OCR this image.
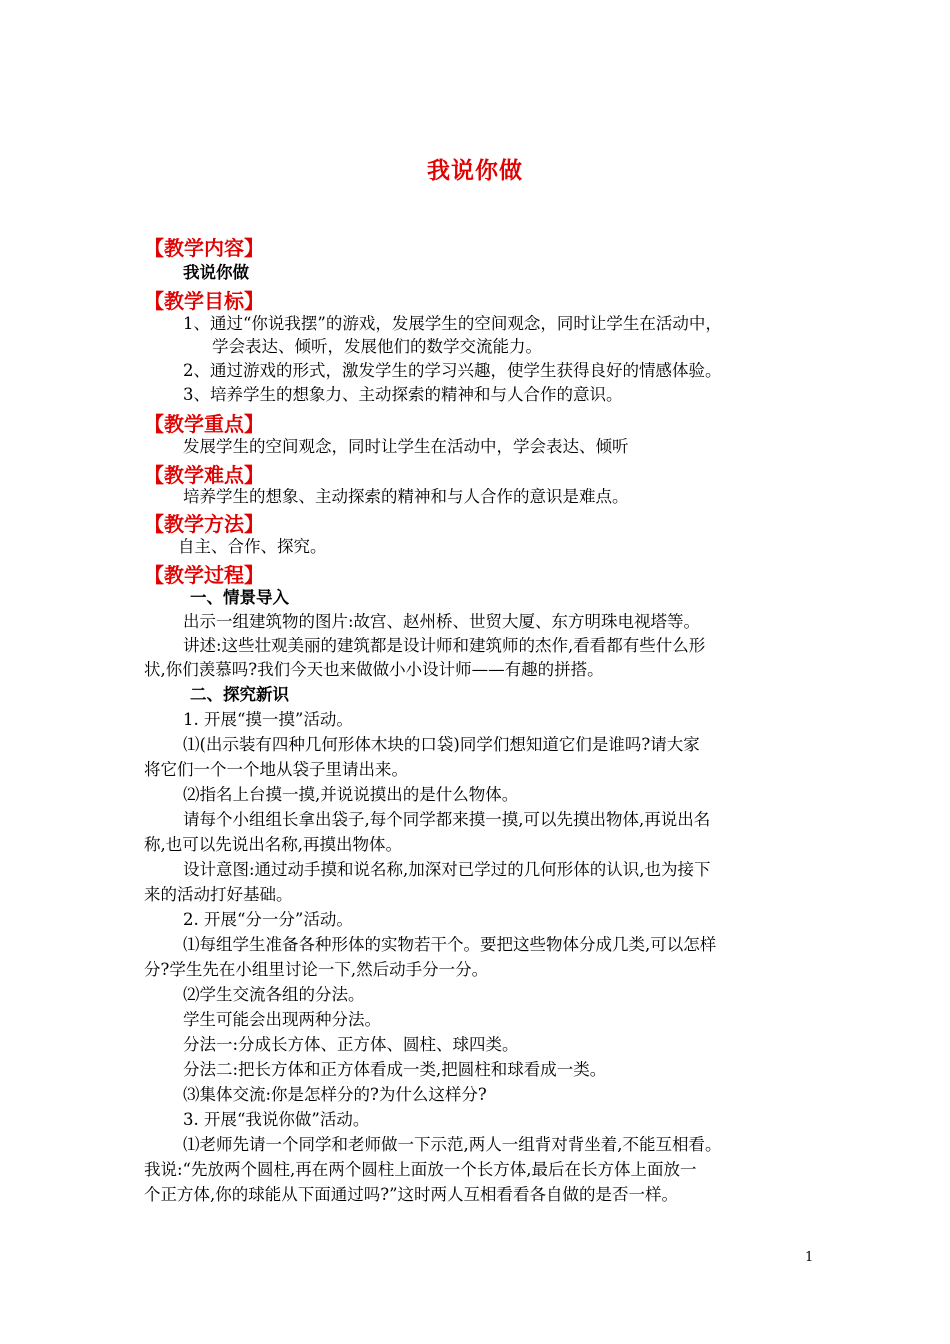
我说你做
【教学内容】
我说你做
【教学目标】
1、通过“你说我摆”的游戏，发展学生的空间观念，同时让学生在活动中，
学会表达、倾听，发展他们的数学交流能力。
2、通过游戏的形式，激发学生的学习兴趣，使学生获得良好的情感体验。
3、培养学生的想象力、主动探索的精神和与人合作的意识。
【教学重点】
发展学生的空间观念，同时让学生在活动中，学会表达、倾听
【教学难点】
培养学生的想象、主动探索的精神和与人合作的意识是难点。
【教学方法】
自主、合作、探究。
【教学过程】
一、情景导入
出示一组建筑物的图片:故宫、赵州桥、世贸大厦、东方明珠电视塔等。
讲述:这些壮观美丽的建筑都是设计师和建筑师的杰作,看看都有些什么形
状,你们羡慕吗?我们今天也来做做小小设计师——有趣的拼搭。
二、探究新识
1. 开展“摸一摸”活动。
⑴(出示装有四种几何形体木块的口袋)同学们想知道它们是谁吗?请大家
将它们一个一个地从袋子里请出来。
⑵指名上台摸一摸,并说说摸出的是什么物体。
请每个小组组长拿出袋子,每个同学都来摸一摸,可以先摸出物体,再说出名
称,也可以先说出名称,再摸出物体。
设计意图:通过动手摸和说名称,加深对已学过的几何形体的认识,也为接下
来的活动打好基础。
2. 开展“分一分”活动。
⑴每组学生准备各种形体的实物若干个。要把这些物体分成几类,可以怎样
分?学生先在小组里讨论一下,然后动手分一分。
⑵学生交流各组的分法。
学生可能会出现两种分法。
分法一:分成长方体、正方体、圆柱、球四类。
分法二:把长方体和正方体看成一类,把圆柱和球看成一类。
⑶集体交流:你是怎样分的?为什么这样分?
3. 开展“我说你做”活动。
⑴老师先请一个同学和老师做一下示范,两人一组背对背坐着,不能互相看。
我说:“先放两个圆柱,再在两个圆柱上面放一个长方体,最后在长方体上面放一
个正方体,你的球能从下面通过吗?”这时两人互相看看各自做的是否一样。
1
